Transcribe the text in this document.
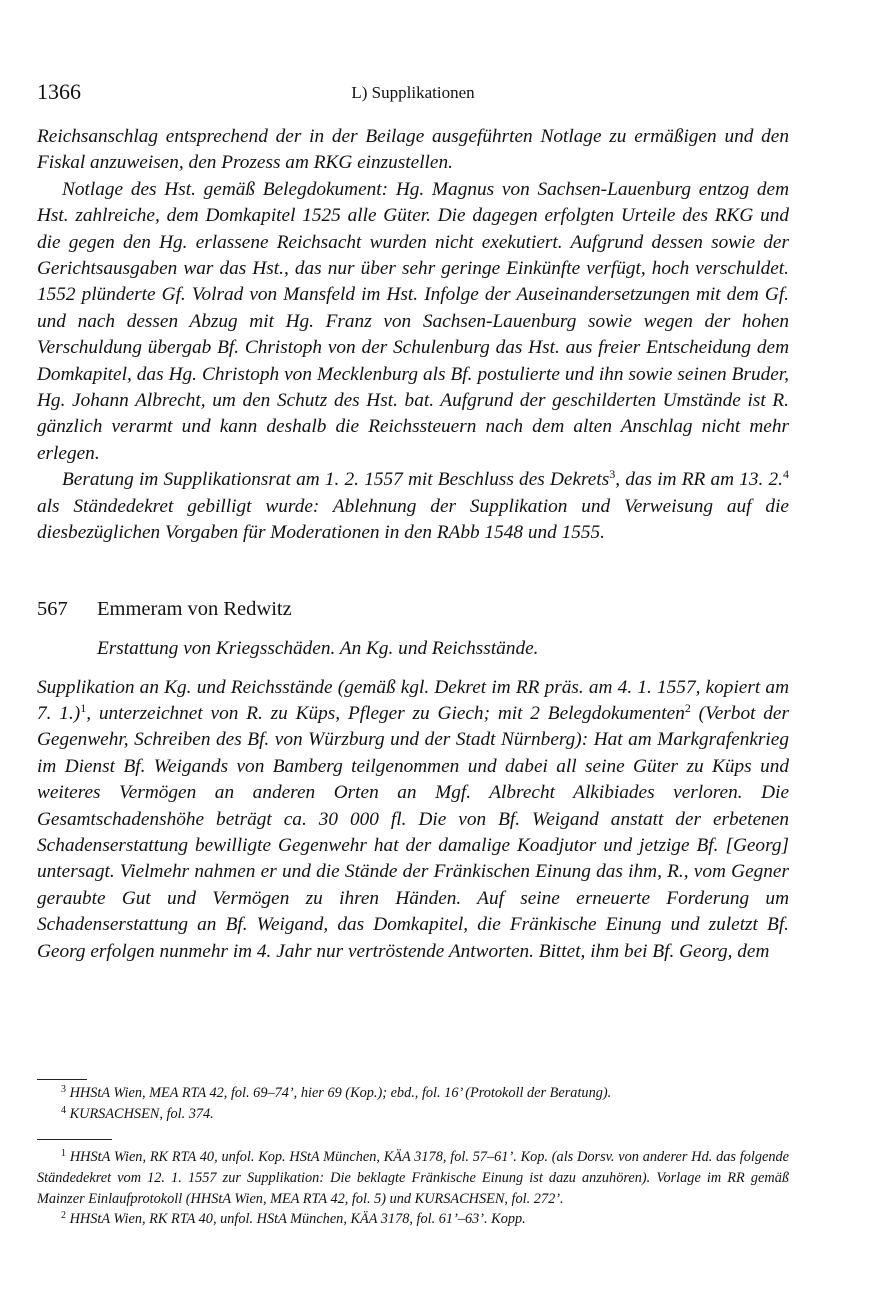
1366	L) Supplikationen

Reichsanschlag entsprechend der in der Beilage ausgeführten Notlage zu ermäßigen und den Fiskal anzuweisen, den Prozess am RKG einzustellen.

Notlage des Hst. gemäß Belegdokument: Hg. Magnus von Sachsen-Lauenburg entzog dem Hst. zahlreiche, dem Domkapitel 1525 alle Güter. Die dagegen erfolgten Urteile des RKG und die gegen den Hg. erlassene Reichsacht wurden nicht exekutiert. Aufgrund dessen sowie der Gerichtsausgaben war das Hst., das nur über sehr geringe Einkünfte verfügt, hoch verschuldet. 1552 plünderte Gf. Volrad von Mansfeld im Hst. Infolge der Auseinandersetzungen mit dem Gf. und nach dessen Abzug mit Hg. Franz von Sachsen-Lauenburg sowie wegen der hohen Verschuldung übergab Bf. Christoph von der Schulenburg das Hst. aus freier Entscheidung dem Domkapitel, das Hg. Christoph von Mecklenburg als Bf. postulierte und ihn sowie seinen Bruder, Hg. Johann Albrecht, um den Schutz des Hst. bat. Aufgrund der geschilderten Umstände ist R. gänzlich verarmt und kann deshalb die Reichssteuern nach dem alten Anschlag nicht mehr erlegen.

Beratung im Supplikationsrat am 1. 2. 1557 mit Beschluss des Dekrets$^3$, das im RR am 13. 2.$^4$ als Ständedekret gebilligt wurde: Ablehnung der Supplikation und Verweisung auf die diesbezüglichen Vorgaben für Moderationen in den RAbb 1548 und 1555.

567 Emmeram von Redwitz
Erstattung von Kriegsschäden. An Kg. und Reichsstände.

Supplikation an Kg. und Reichsstände (gemäß kgl. Dekret im RR präs. am 4. 1. 1557, kopiert am 7. 1.)$^1$, unterzeichnet von R. zu Küps, Pfleger zu Giech; mit 2 Belegdokumenten$^2$ (Verbot der Gegenwehr, Schreiben des Bf. von Würzburg und der Stadt Nürnberg): Hat am Markgrafenkrieg im Dienst Bf. Weigands von Bamberg teilgenommen und dabei all seine Güter zu Küps und weiteres Vermögen an anderen Orten an Mgf. Albrecht Alkibiades verloren. Die Gesamtschadenshöhe beträgt ca. 30 000 fl. Die von Bf. Weigand anstatt der erbetenen Schadenserstattung bewilligte Gegenwehr hat der damalige Koadjutor und jetzige Bf. [Georg] untersagt. Vielmehr nahmen er und die Stände der Fränkischen Einung das ihm, R., vom Gegner geraubte Gut und Vermögen zu ihren Händen. Auf seine erneuerte Forderung um Schadenserstattung an Bf. Weigand, das Domkapitel, die Fränkische Einung und zuletzt Bf. Georg erfolgen nunmehr im 4. Jahr nur vertröstende Antworten. Bittet, ihm bei Bf. Georg, dem

$^3$ HHStA Wien, MEA RTA 42, fol. 69–74’, hier 69 (Kop.); ebd., fol. 16’ (Protokoll der Beratung).
$^4$ KURSACHSEN, fol. 374.
$^1$ HHStA Wien, RK RTA 40, unfol. Kop. HStA München, KÄA 3178, fol. 57–61’. Kop. (als Dorsv. von anderer Hd. das folgende Ständedekret vom 12. 1. 1557 zur Supplikation: Die beklagte Fränkische Einung ist dazu anzuhören). Vorlage im RR gemäß Mainzer Einlaufprotokoll (HHStA Wien, MEA RTA 42, fol. 5) und KURSACHSEN, fol. 272’.
$^2$ HHStA Wien, RK RTA 40, unfol. HStA München, KÄA 3178, fol. 61’–63’. Kopp.
